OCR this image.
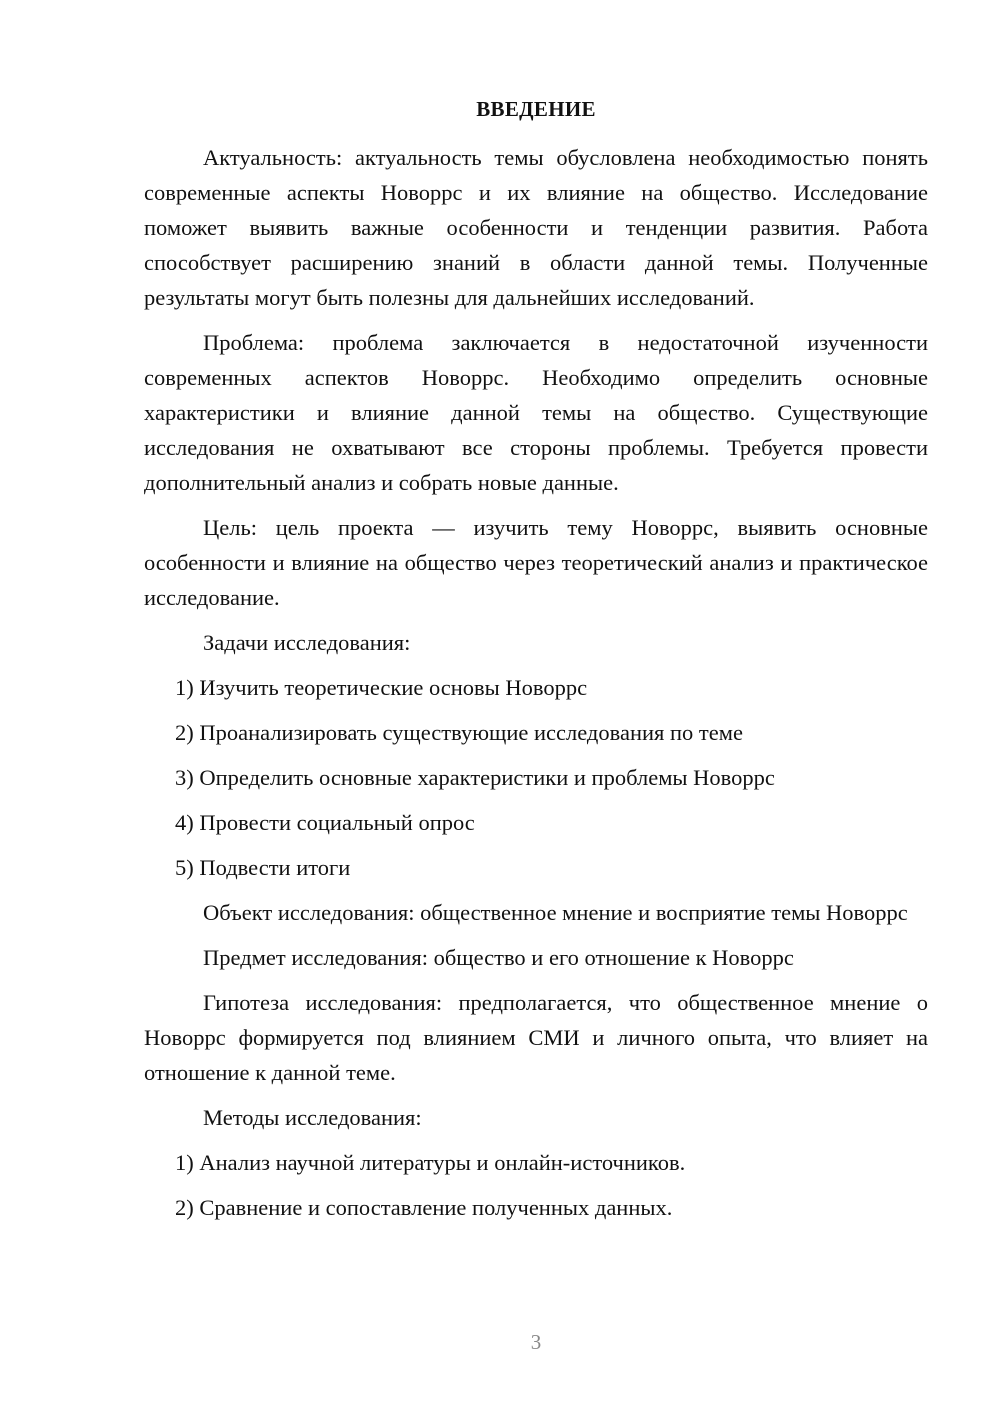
ВВЕДЕНИЕ

Актуальность: актуальность темы обусловлена необходимостью понять современные аспекты Новоррс и их влияние на общество. Исследование поможет выявить важные особенности и тенденции развития. Работа способствует расширению знаний в области данной темы. Полученные результаты могут быть полезны для дальнейших исследований.

Проблема: проблема заключается в недостаточной изученности современных аспектов Новоррс. Необходимо определить основные характеристики и влияние данной темы на общество. Существующие исследования не охватывают все стороны проблемы. Требуется провести дополнительный анализ и собрать новые данные.

Цель: цель проекта — изучить тему Новоррс, выявить основные особенности и влияние на общество через теоретический анализ и практическое исследование.

Задачи исследования:

1) Изучить теоретические основы Новоррс

2) Проанализировать существующие исследования по теме

3) Определить основные характеристики и проблемы Новоррс

4) Провести социальный опрос

5) Подвести итоги

Объект исследования: общественное мнение и восприятие темы Новоррс

Предмет исследования: общество и его отношение к Новоррс

Гипотеза исследования: предполагается, что общественное мнение о Новоррс формируется под влиянием СМИ и личного опыта, что влияет на отношение к данной теме.

Методы исследования:

1) Анализ научной литературы и онлайн-источников.

2) Сравнение и сопоставление полученных данных.

3
